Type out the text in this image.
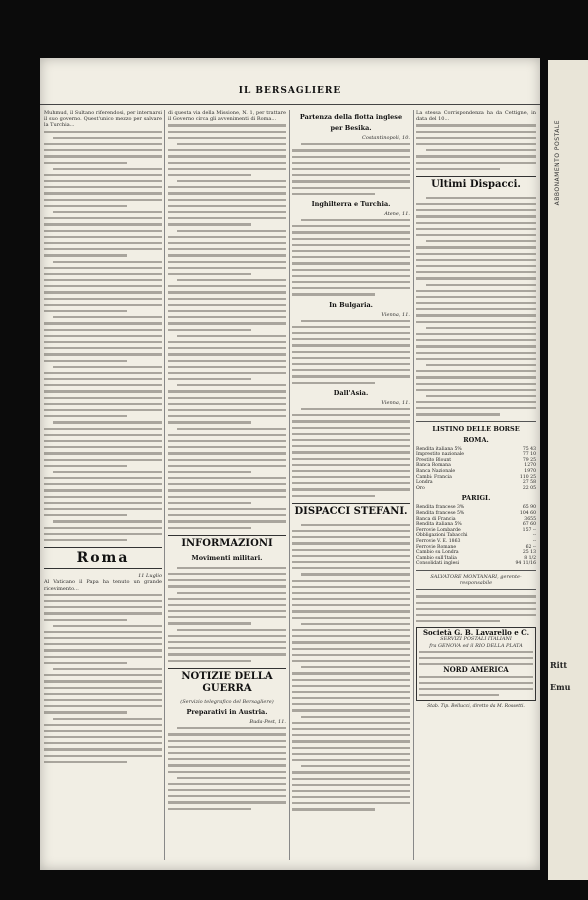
IL BERSAGLIERE
Muhmud, il Sultano riferendosi, per internarsi il suo governo. Quest'unico mezzo per salvare la Turchia...
Roma
11 Luglio
Al Vaticano il Papa ha tenuto un grande ricevimento...
di questa via della Missione, N. 1, per trattare il Governo circa gli avvenimenti di Roma...
INFORMAZIONI
Movimenti militari.
NOTIZIE DELLA GUERRA
(Servizio telegrafico del Bersagliere)
Preparativi in Austria.
Buda-Pest, 11.
Partenza della flotta inglese
per Besika.
Costantinopoli, 10.
Inghilterra e Turchia.
Atene, 11.
In Bulgaria.
Vienna, 11.
Dall'Asia.
Vienna, 11.
DISPACCI STEFANI.
La stessa Corrispondenza ha da Cettigne, in data del 10...
Ultimi Dispacci.
LISTINO DELLE BORSE
ROMA.
Rendita italiana 5%	75 43
Imprestito nazionale	77 10
Prestito Blount	79 25
Banca Romana	1270
Banca Nazionale	1970
Cambi: Francia	110 25
Londra	27 58
Oro	22 05
PARIGI.
Rendita francese 3%	65 90
Rendita francese 5%	104 60
Banca di Francia	3655
Rendita italiana 5%	67 60
Ferrovie Lombarde	157 --
Obbligazioni Tabacchi	--
Ferrovie V. E. 1863	--
Ferrovie Romane	62 --
Cambio su Londra	25 13
Cambio sull'Italia	8 1/2
Consolidati inglesi	94 11/16
SALVATORE MONTANARI, gerente-responsabile
Società G. B. Lavarello e C.
SERVIZI POSTALI ITALIANI
fra GENOVA ed il RIO DELLA PLATA
NORD AMERICA
Stab. Tip. Bellucci, diretto da M. Rossetti.
ABBONAMENTO POSTALE
Ritt
Emu
